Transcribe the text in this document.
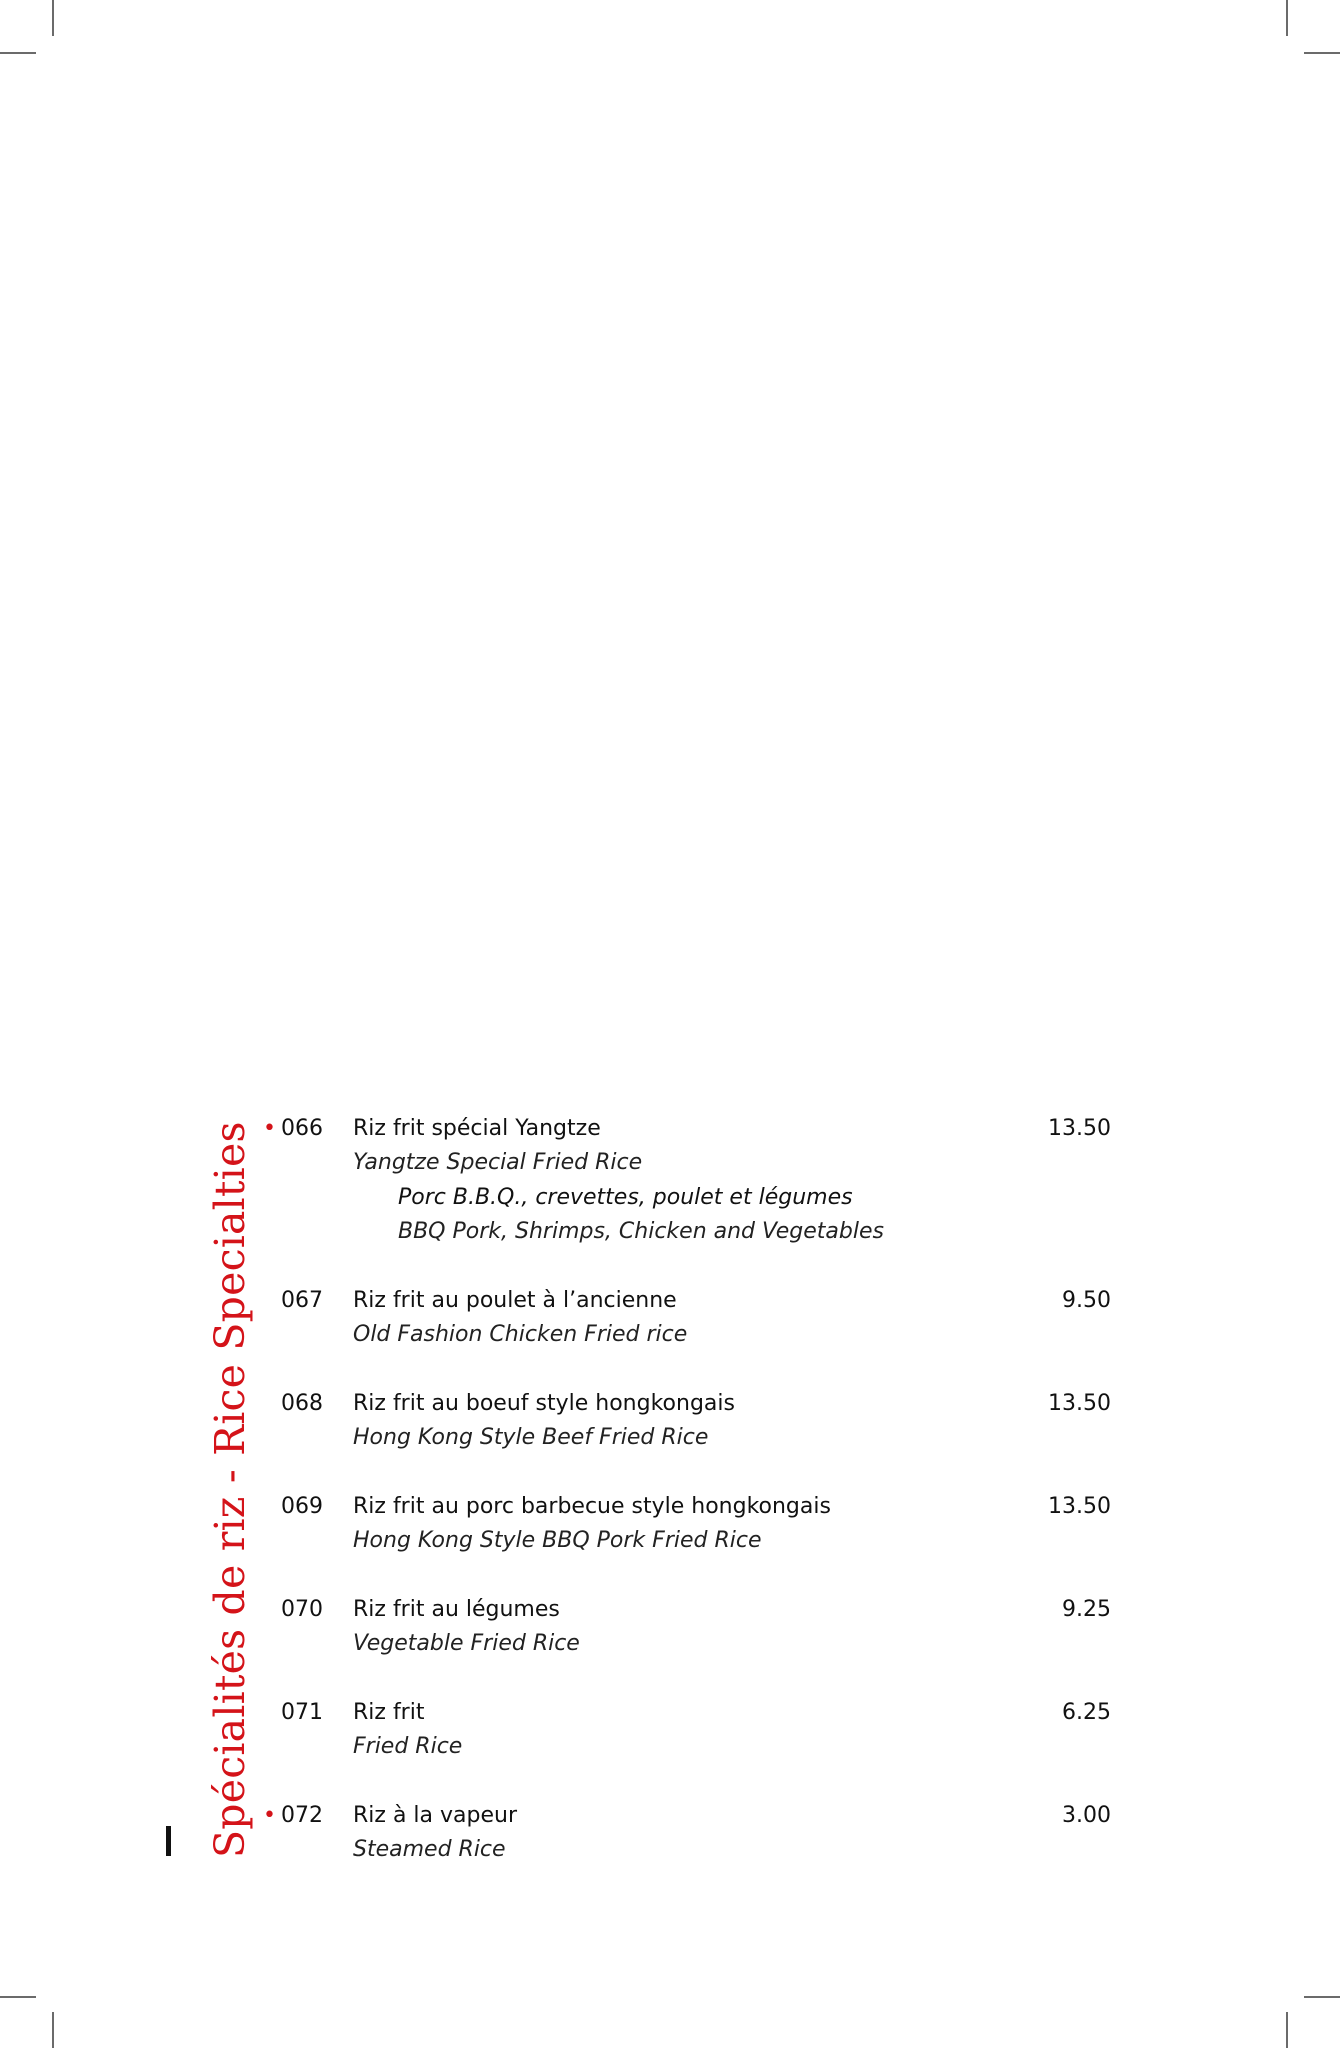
Spécialités de riz - Rice Specialties • 066 Riz frit spécial Yangtze	13.50
Yangtze Special Fried Rice
Porc B.B.Q., crevettes, poulet et légumes
BBQ Pork, Shrimps, Chicken and Vegetables
067 Riz frit au poulet à l’ancienne	9.50
Old Fashion Chicken Fried rice
068 Riz frit au boeuf style hongkongais	13.50
Hong Kong Style Beef Fried Rice
069 Riz frit au porc barbecue style hongkongais	13.50
Hong Kong Style BBQ Pork Fried Rice
070 Riz frit au légumes	9.25
Vegetable Fried Rice
071 Riz frit	6.25
Fried Rice
• 072 Riz à la vapeur	3.00
Steamed Rice
